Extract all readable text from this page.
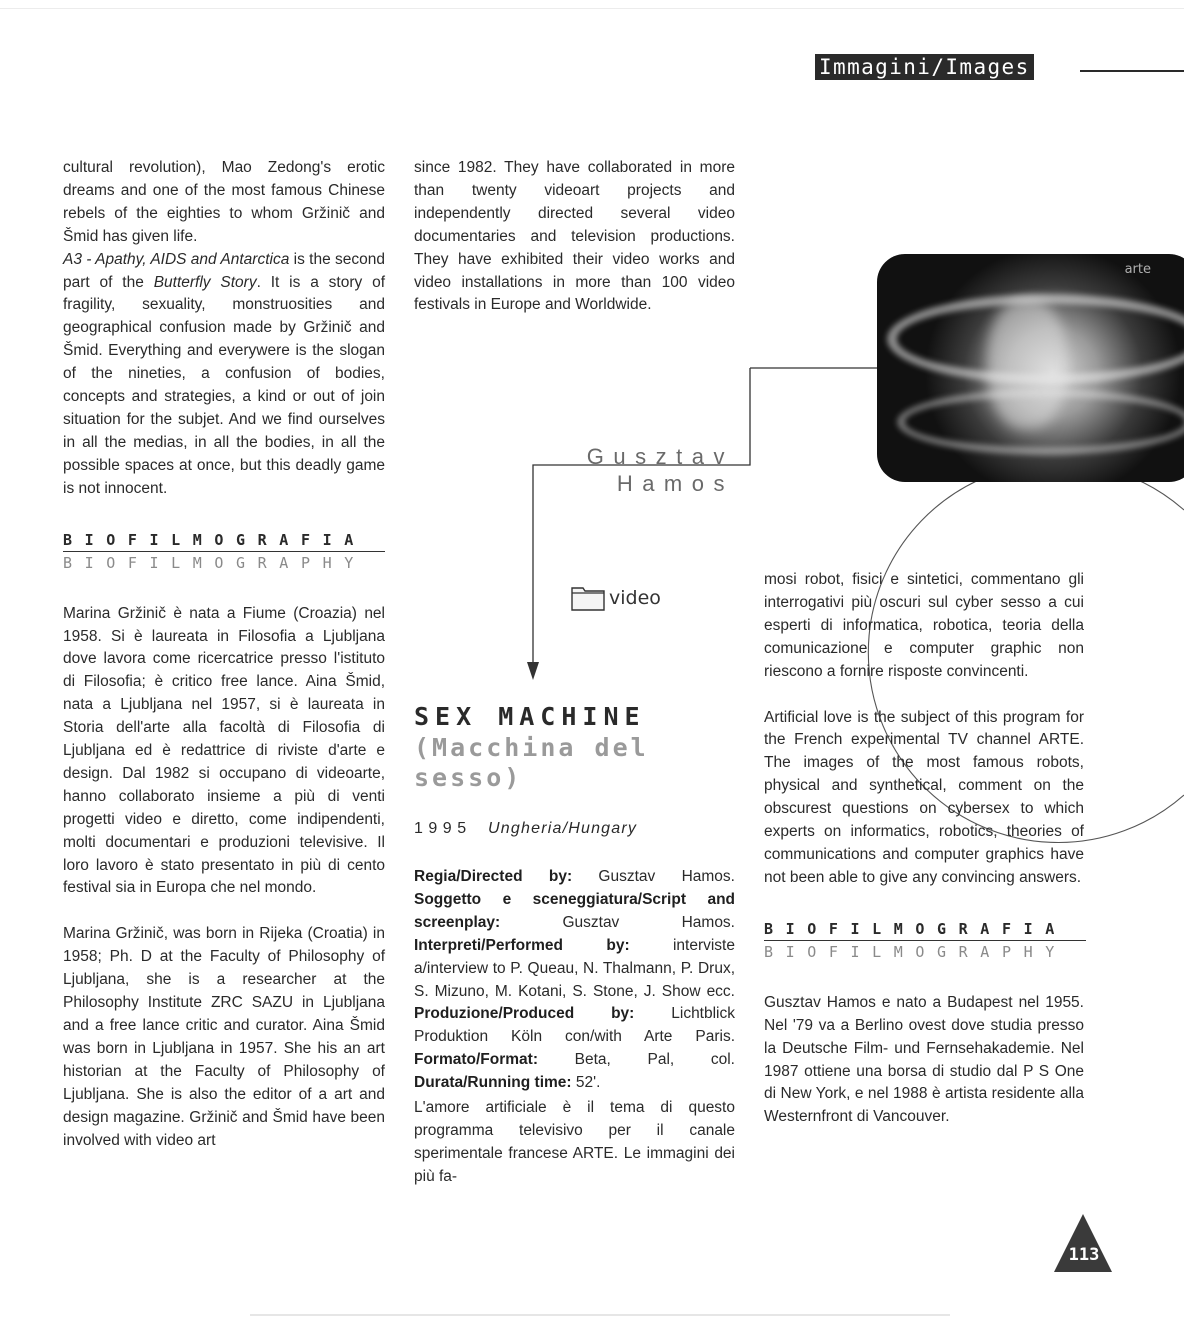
Immagini/Images

cultural revolution), Mao Zedong's erotic dreams and one of the most famous Chinese rebels of the eighties to whom Gržinič and Šmid has given life.

A3 - Apathy, AIDS and Antarctica is the second part of the Butterfly Story. It is a story of fragility, sexuality, monstruosities and geographical confusion made by Gržinič and Šmid. Everything and everywere is the slogan of the nineties, a confusion of bodies, concepts and strategies, a kind or out of join situation for the subjet. And we find ourselves in all the medias, in all the bodies, in all the possible spaces at once, but this deadly game is not innocent.

BIOFILMOGRAFIA
BIOFILMOGRAPHY

Marina Gržinič è nata a Fiume (Croazia) nel 1958. Si è laureata in Filosofia a Ljubljana dove lavora come ricercatrice presso l'istituto di Filosofia; è critico free lance. Aina Šmid, nata a Ljubljana nel 1957, si è laureata in Storia dell'arte alla facoltà di Filosofia di Ljubljana ed è redattrice di riviste d'arte e design. Dal 1982 si occupano di videoarte, hanno collaborato insieme a più di venti progetti video e diretto, come indipendenti, molti documentari e produzioni televisive. Il loro lavoro è stato presentato in più di cento festival sia in Europa che nel mondo.

Marina Gržinič, was born in Rijeka (Croatia) in 1958; Ph. D at the Faculty of Philosophy of Ljubljana, she is a researcher at the Philosophy Institute ZRC SAZU in Ljubljana and a free lance critic and curator. Aina Šmid was born in Ljubljana in 1957. She his an art historian at the Faculty of Philosophy of Ljubljana. She is also the editor of a art and design magazine. Gržinič and Šmid have been involved with video art

since 1982. They have collaborated in more than twenty videoart projects and independently directed several video documentaries and television productions. They have exhibited their video works and video installations in more than 100 video festivals in Europe and Worldwide.

arte
Gusztav
Hamos
video
SEX MACHINE
(Macchina del
sesso)
1995 Ungheria/Hungary
Regia/Directed by: Gusztav Hamos. Soggetto e sceneggiatura/Script and screenplay: Gusztav Hamos. Interpreti/Performed by: interviste a/interview to P. Queau, N. Thalmann, P. Drux, S. Mizuno, M. Kotani, S. Stone, J. Show ecc. Produzione/Produced by: Lichtblick Produktion Köln con/with Arte Paris. Formato/Format: Beta, Pal, col. Durata/Running time: 52'.
L'amore artificiale è il tema di questo programma televisivo per il canale sperimentale francese ARTE. Le immagini dei più fa-

mosi robot, fisici e sintetici, commentano gli interrogativi più oscuri sul cyber sesso a cui esperti di informatica, robotica, teoria della comunicazione e computer graphic non riescono a fornire risposte convincenti.

Artificial love is the subject of this program for the French experimental TV channel ARTE. The images of the most famous robots, physical and synthetical, comment on the obscurest questions on cybersex to which experts on informatics, robotics, theories of communications and computer graphics have not been able to give any convincing answers.

BIOFILMOGRAFIA
BIOFILMOGRAPHY

Gusztav Hamos e nato a Budapest nel 1955. Nel '79 va a Berlino ovest dove studia presso la Deutsche Film- und Fernsehakademie. Nel 1987 ottiene una borsa di studio dal P S One di New York, e nel 1988 è artista residente alla Westernfront di Vancouver.

113
